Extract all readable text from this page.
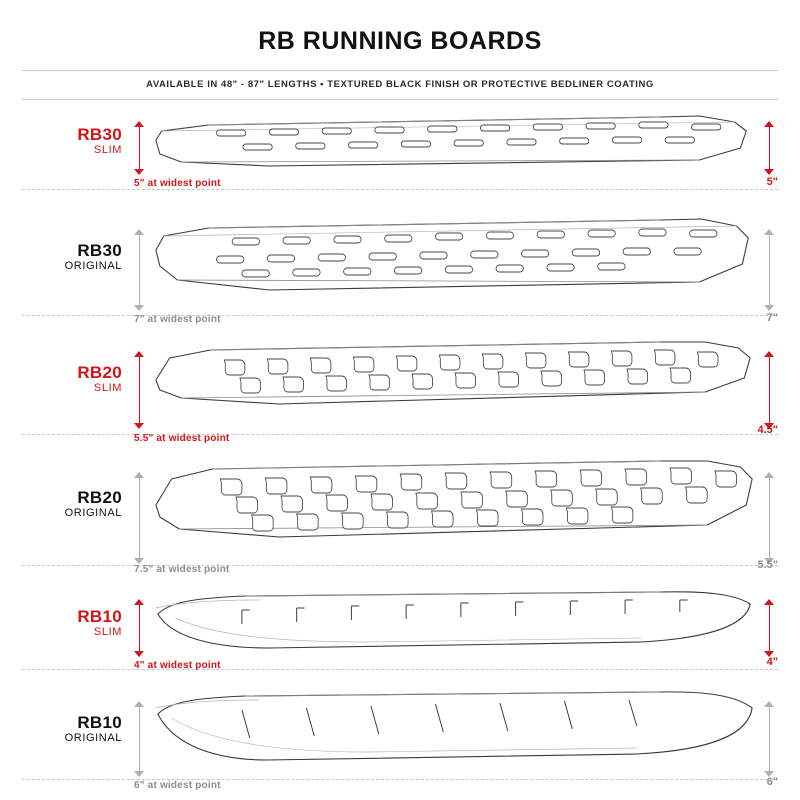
RB RUNNING BOARDS

AVAILABLE IN 48" - 87" LENGTHS • TEXTURED BLACK FINISH OR PROTECTIVE BEDLINER COATING

RB30
SLIM
5" at widest point	5"
RB30
ORIGINAL
7" at widest point	7"
RB20
SLIM
5.5" at widest point
4.5"
RB20
ORIGINAL
7.5" at widest point	5.5"
RB10
SLIM
4" at widest point	4"
RB10
ORIGINAL
6" at widest point	6"
